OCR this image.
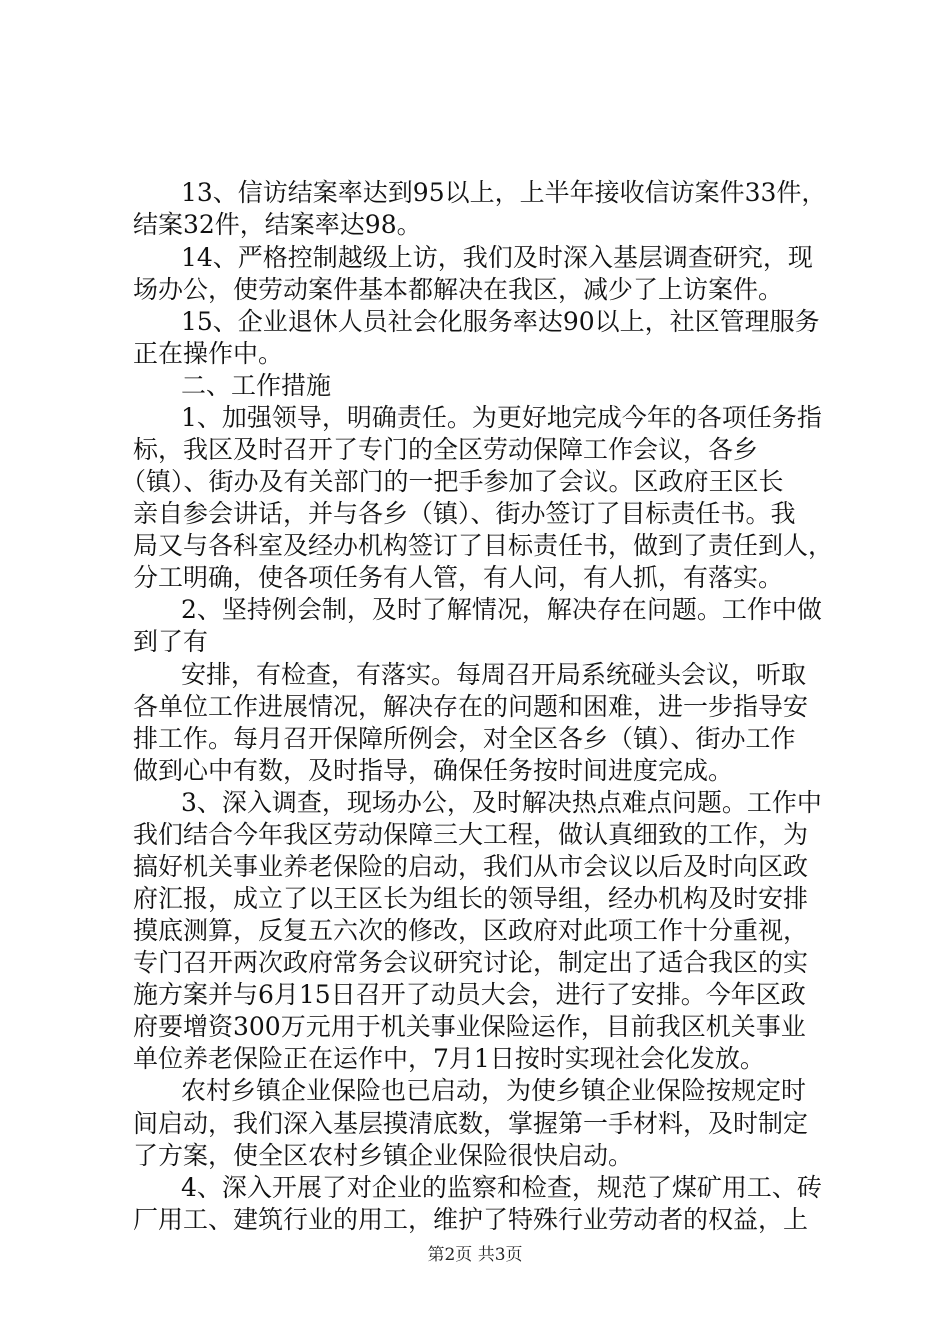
13、信访结案率达到95以上，上半年接收信访案件33件，
结案32件，结案率达98。
14、严格控制越级上访，我们及时深入基层调查研究，现
场办公，使劳动案件基本都解决在我区，减少了上访案件。
15、企业退休人员社会化服务率达90以上，社区管理服务
正在操作中。
二、工作措施
1、加强领导，明确责任。为更好地完成今年的各项任务指
标，我区及时召开了专门的全区劳动保障工作会议，各乡
（镇）、街办及有关部门的一把手参加了会议。区政府王区长
亲自参会讲话，并与各乡（镇）、街办签订了目标责任书。我
局又与各科室及经办机构签订了目标责任书，做到了责任到人，
分工明确，使各项任务有人管，有人问，有人抓，有落实。
2、坚持例会制，及时了解情况，解决存在问题。工作中做
到了有
安排，有检查，有落实。每周召开局系统碰头会议，听取
各单位工作进展情况，解决存在的问题和困难，进一步指导安
排工作。每月召开保障所例会，对全区各乡（镇）、街办工作
做到心中有数，及时指导，确保任务按时间进度完成。
3、深入调查，现场办公，及时解决热点难点问题。工作中
我们结合今年我区劳动保障三大工程，做认真细致的工作，为
搞好机关事业养老保险的启动，我们从市会议以后及时向区政
府汇报，成立了以王区长为组长的领导组，经办机构及时安排
摸底测算，反复五六次的修改，区政府对此项工作十分重视，
专门召开两次政府常务会议研究讨论，制定出了适合我区的实
施方案并与6月15日召开了动员大会，进行了安排。今年区政
府要增资300万元用于机关事业保险运作，目前我区机关事业
单位养老保险正在运作中，7月1日按时实现社会化发放。
农村乡镇企业保险也已启动，为使乡镇企业保险按规定时
间启动，我们深入基层摸清底数，掌握第一手材料，及时制定
了方案，使全区农村乡镇企业保险很快启动。
4、深入开展了对企业的监察和检查，规范了煤矿用工、砖
厂用工、建筑行业的用工，维护了特殊行业劳动者的权益，上
第2页 共3页
